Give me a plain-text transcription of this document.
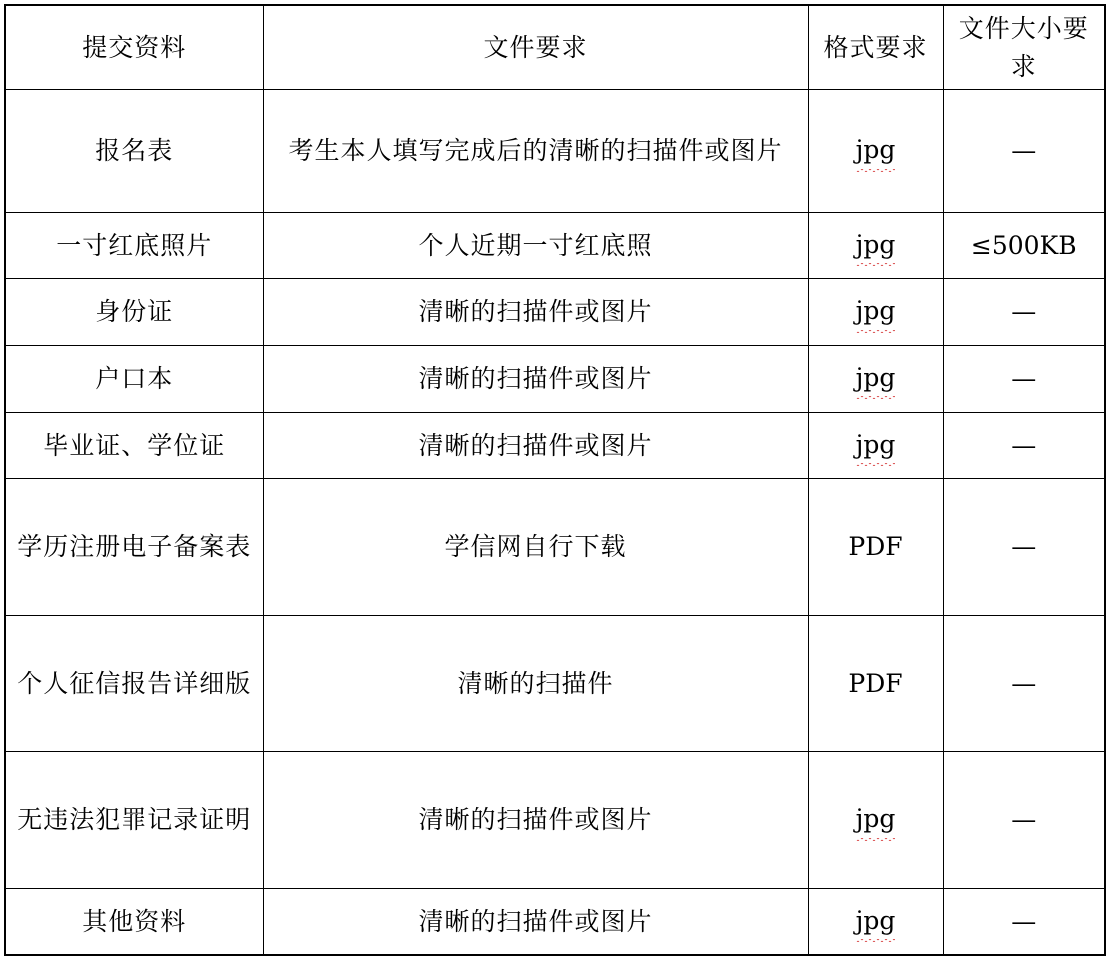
提交资料	文件要求	格式要求	文件大小要求
报名表	考生本人填写完成后的清晰的扫描件或图片	jpg	—
一寸红底照片	个人近期一寸红底照	jpg	≤500KB
身份证	清晰的扫描件或图片	jpg	—
户口本	清晰的扫描件或图片	jpg	—
毕业证、学位证	清晰的扫描件或图片	jpg	—
学历注册电子备案表	学信网自行下载	PDF	—
个人征信报告详细版	清晰的扫描件	PDF	—
无违法犯罪记录证明	清晰的扫描件或图片	jpg	—
其他资料	清晰的扫描件或图片	jpg	—
